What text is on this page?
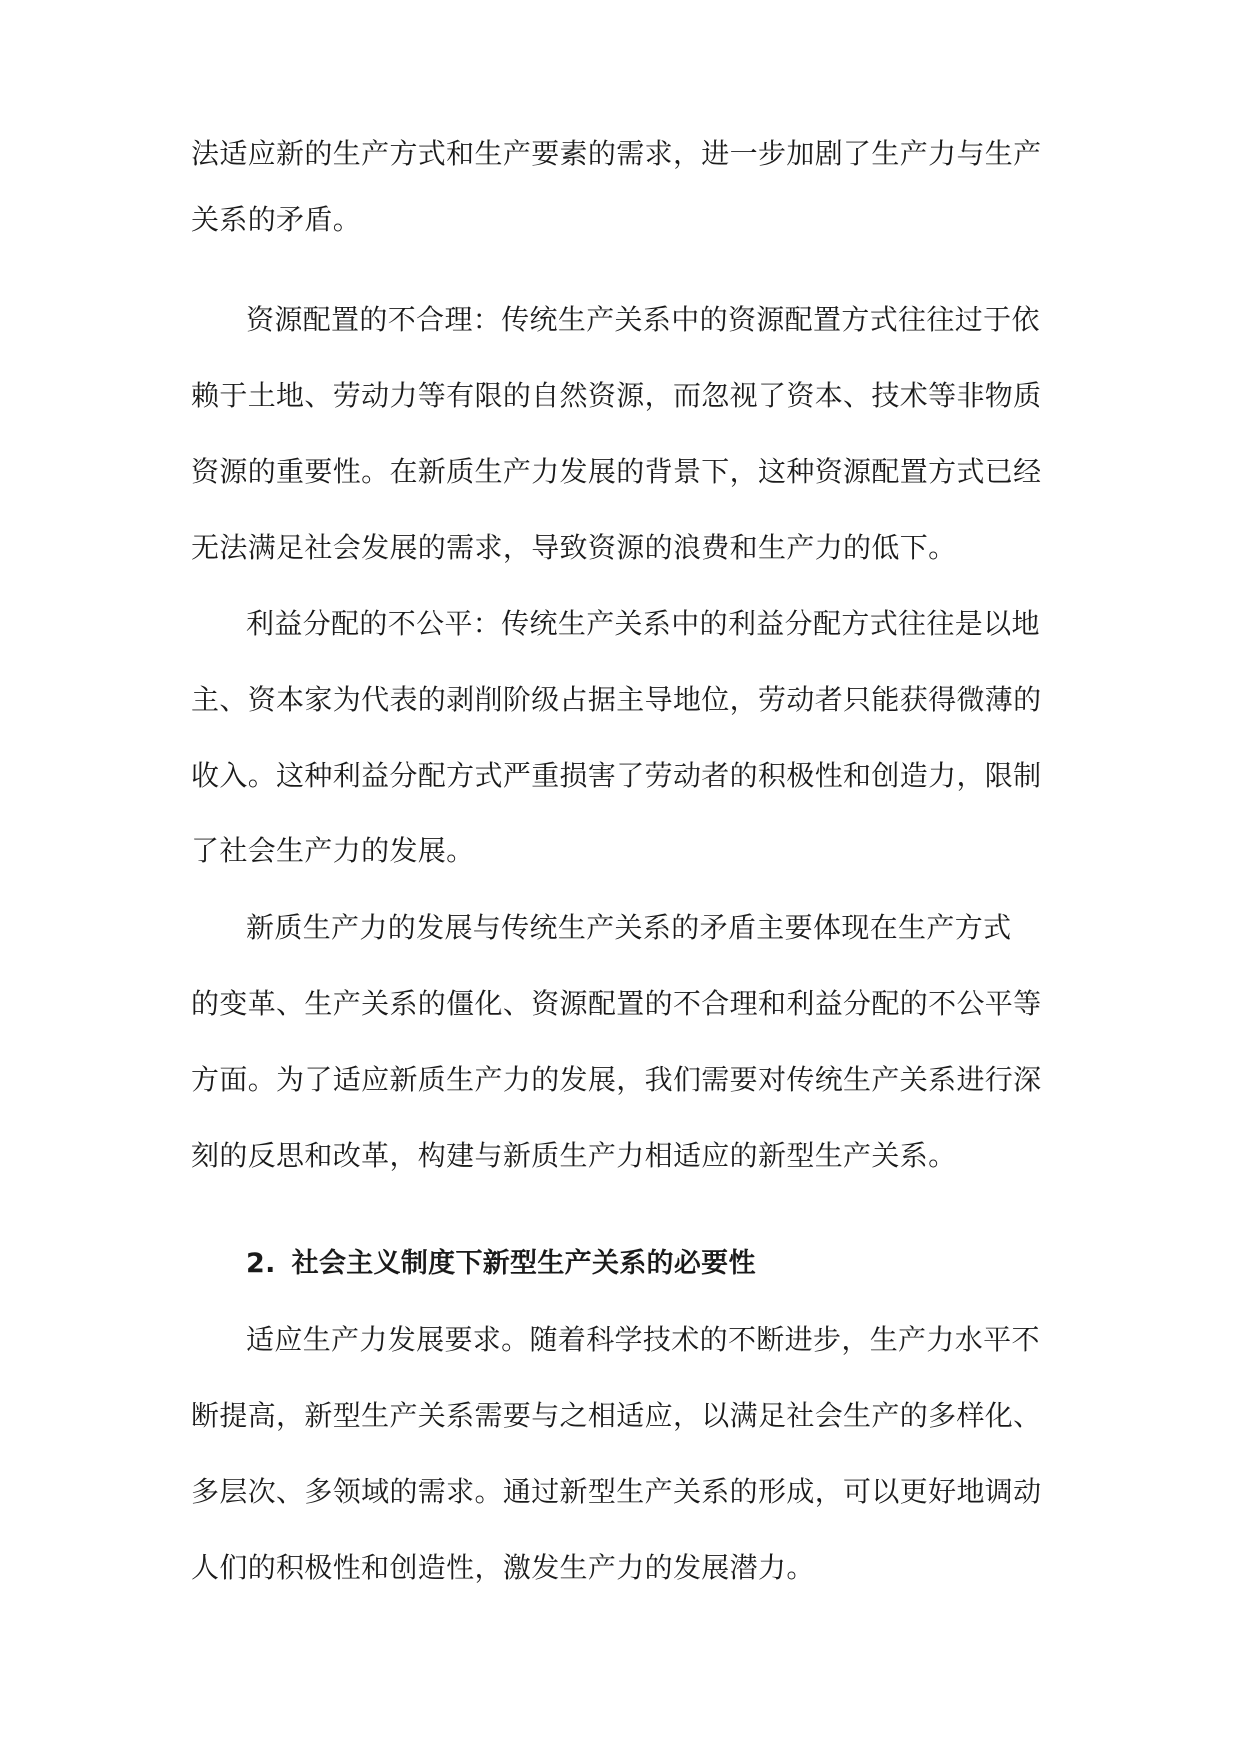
法适应新的生产方式和生产要素的需求，进一步加剧了生产力与生产
关系的矛盾。
资源配置的不合理：传统生产关系中的资源配置方式往往过于依
赖于土地、劳动力等有限的自然资源，而忽视了资本、技术等非物质
资源的重要性。在新质生产力发展的背景下，这种资源配置方式已经
无法满足社会发展的需求，导致资源的浪费和生产力的低下。
利益分配的不公平：传统生产关系中的利益分配方式往往是以地
主、资本家为代表的剥削阶级占据主导地位，劳动者只能获得微薄的
收入。这种利益分配方式严重损害了劳动者的积极性和创造力，限制
了社会生产力的发展。
新质生产力的发展与传统生产关系的矛盾主要体现在生产方式
的变革、生产关系的僵化、资源配置的不合理和利益分配的不公平等
方面。为了适应新质生产力的发展，我们需要对传统生产关系进行深
刻的反思和改革，构建与新质生产力相适应的新型生产关系。
2. 社会主义制度下新型生产关系的必要性
适应生产力发展要求。随着科学技术的不断进步，生产力水平不
断提高，新型生产关系需要与之相适应，以满足社会生产的多样化、
多层次、多领域的需求。通过新型生产关系的形成，可以更好地调动
人们的积极性和创造性，激发生产力的发展潜力。
